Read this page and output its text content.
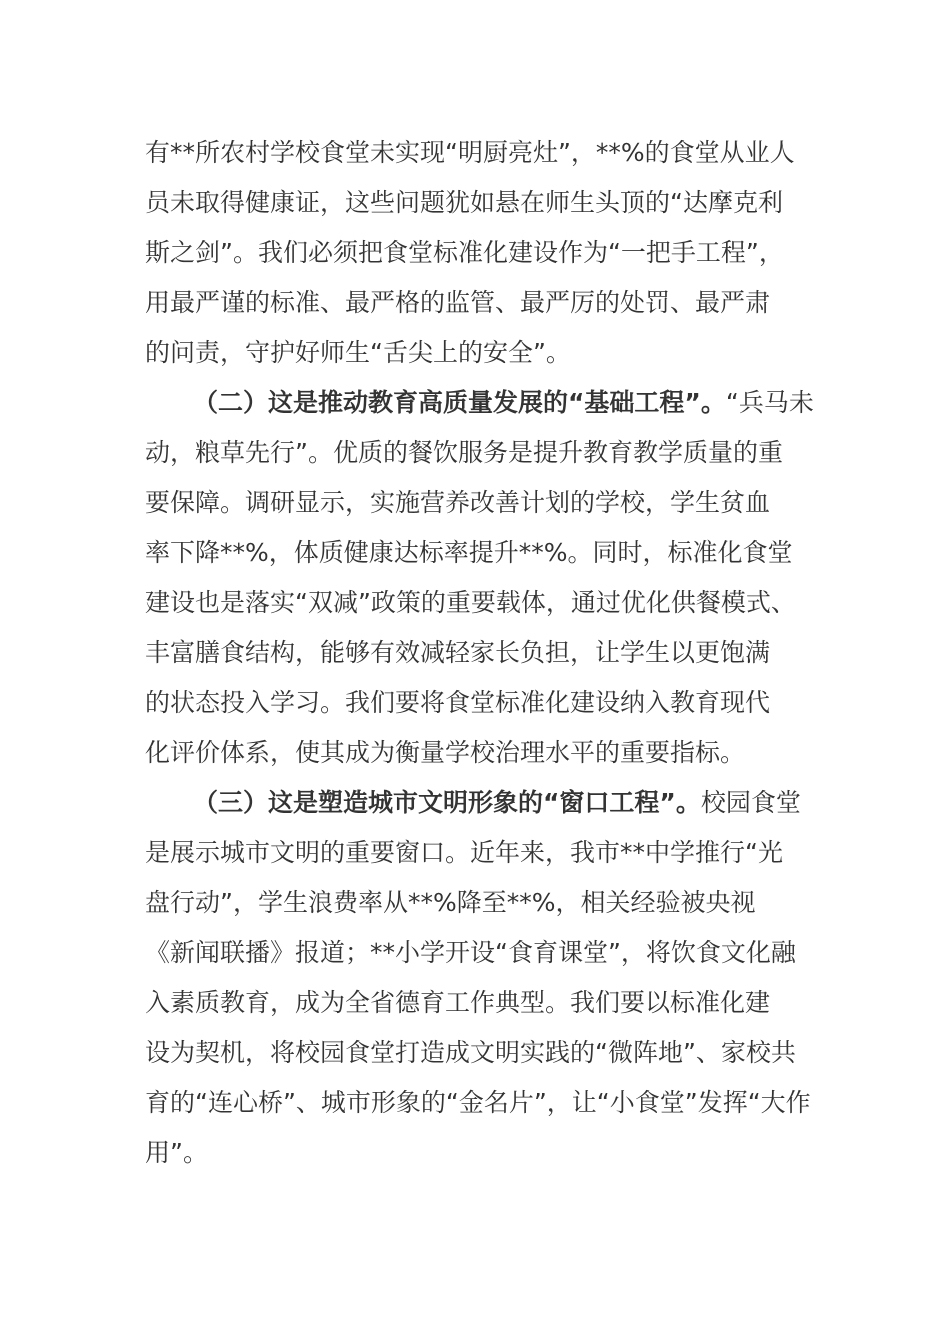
有**所农村学校食堂未实现“明厨亮灶”，**%的食堂从业人
员未取得健康证，这些问题犹如悬在师生头顶的“达摩克利
斯之剑”。我们必须把食堂标准化建设作为“一把手工程”，
用最严谨的标准、最严格的监管、最严厉的处罚、最严肃
的问责，守护好师生“舌尖上的安全”。
（二）这是推动教育高质量发展的“基础工程”。“兵马未
动，粮草先行”。优质的餐饮服务是提升教育教学质量的重
要保障。调研显示，实施营养改善计划的学校，学生贫血
率下降**%，体质健康达标率提升**%。同时，标准化食堂
建设也是落实“双减”政策的重要载体，通过优化供餐模式、
丰富膳食结构，能够有效减轻家长负担，让学生以更饱满
的状态投入学习。我们要将食堂标准化建设纳入教育现代
化评价体系，使其成为衡量学校治理水平的重要指标。
（三）这是塑造城市文明形象的“窗口工程”。校园食堂
是展示城市文明的重要窗口。近年来，我市**中学推行“光
盘行动”，学生浪费率从**%降至**%，相关经验被央视
《新闻联播》报道；**小学开设“食育课堂”，将饮食文化融
入素质教育，成为全省德育工作典型。我们要以标准化建
设为契机，将校园食堂打造成文明实践的“微阵地”、家校共
育的“连心桥”、城市形象的“金名片”，让“小食堂”发挥“大作
用”。
